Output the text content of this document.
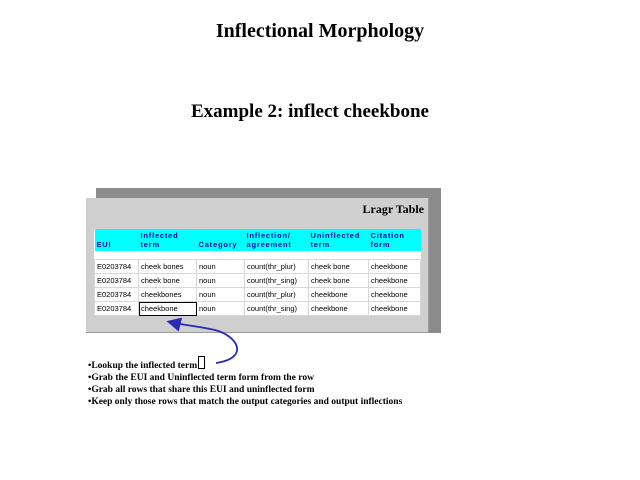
Inflectional Morphology
Example 2: inflect cheekbone
Lragr Table
EUI	Inflected term	Category	Inflection/ agreement	Uninflected term	Citation form

E0203784	cheek bones	noun	count(thr_plur)	cheek bone	cheekbone
E0203784	cheek bone	noun	count(thr_sing)	cheek bone	cheekbone
E0203784	cheekbones	noun	count(thr_plur)	cheekbone	cheekbone
E0203784	cheekbone	noun	count(thr_sing)	cheekbone	cheekbone
•Lookup the inflected term
•Grab the EUI and Uninflected term form from the row
•Grab all rows that share this EUI and uninflected form
•Keep only those rows that match the output categories and output inflections
